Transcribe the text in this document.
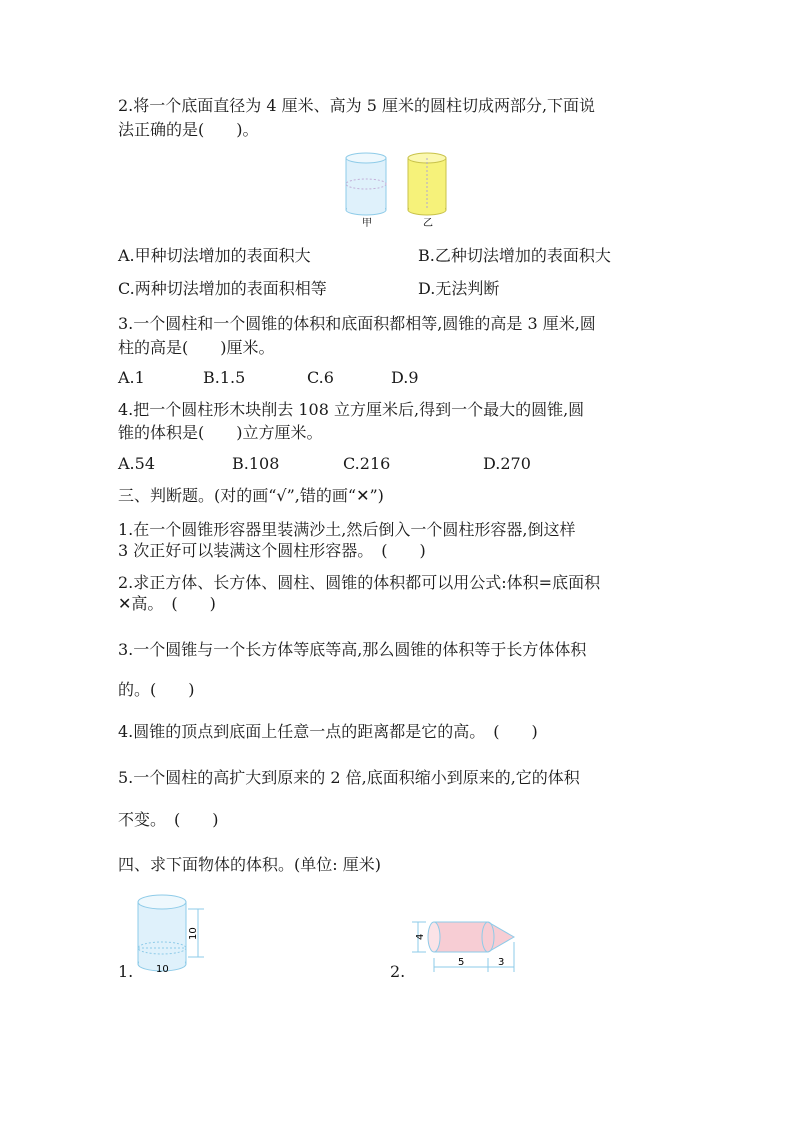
2.将一个底面直径为 4 厘米、高为 5 厘米的圆柱切成两部分,下面说
法正确的是(　　)。
甲	乙
A.甲种切法增加的表面积大	B.乙种切法增加的表面积大
C.两种切法增加的表面积相等	D.无法判断
3.一个圆柱和一个圆锥的体积和底面积都相等,圆锥的高是 3 厘米,圆
柱的高是(　　)厘米。
A.1	B.1.5	C.6	D.9
4.把一个圆柱形木块削去 108 立方厘米后,得到一个最大的圆锥,圆
锥的体积是(　　)立方厘米。
A.54	B.108	C.216	D.270
三、判断题。(对的画“√”,错的画“✕”)
1.在一个圆锥形容器里装满沙土,然后倒入一个圆柱形容器,倒这样
3 次正好可以装满这个圆柱形容器。　(　　)
2.求正方体、长方体、圆柱、圆锥的体积都可以用公式:体积=底面积
✕高。　(　　)
3.一个圆锥与一个长方体等底等高,那么圆锥的体积等于长方体体积
的。(　　)
4.圆锥的顶点到底面上任意一点的距离都是它的高。　(　　)
5.一个圆柱的高扩大到原来的 2 倍,底面积缩小到原来的,它的体积
不变。　(　　)
四、求下面物体的体积。(单位: 厘米)
1. 10
10
2.
4
5	3
